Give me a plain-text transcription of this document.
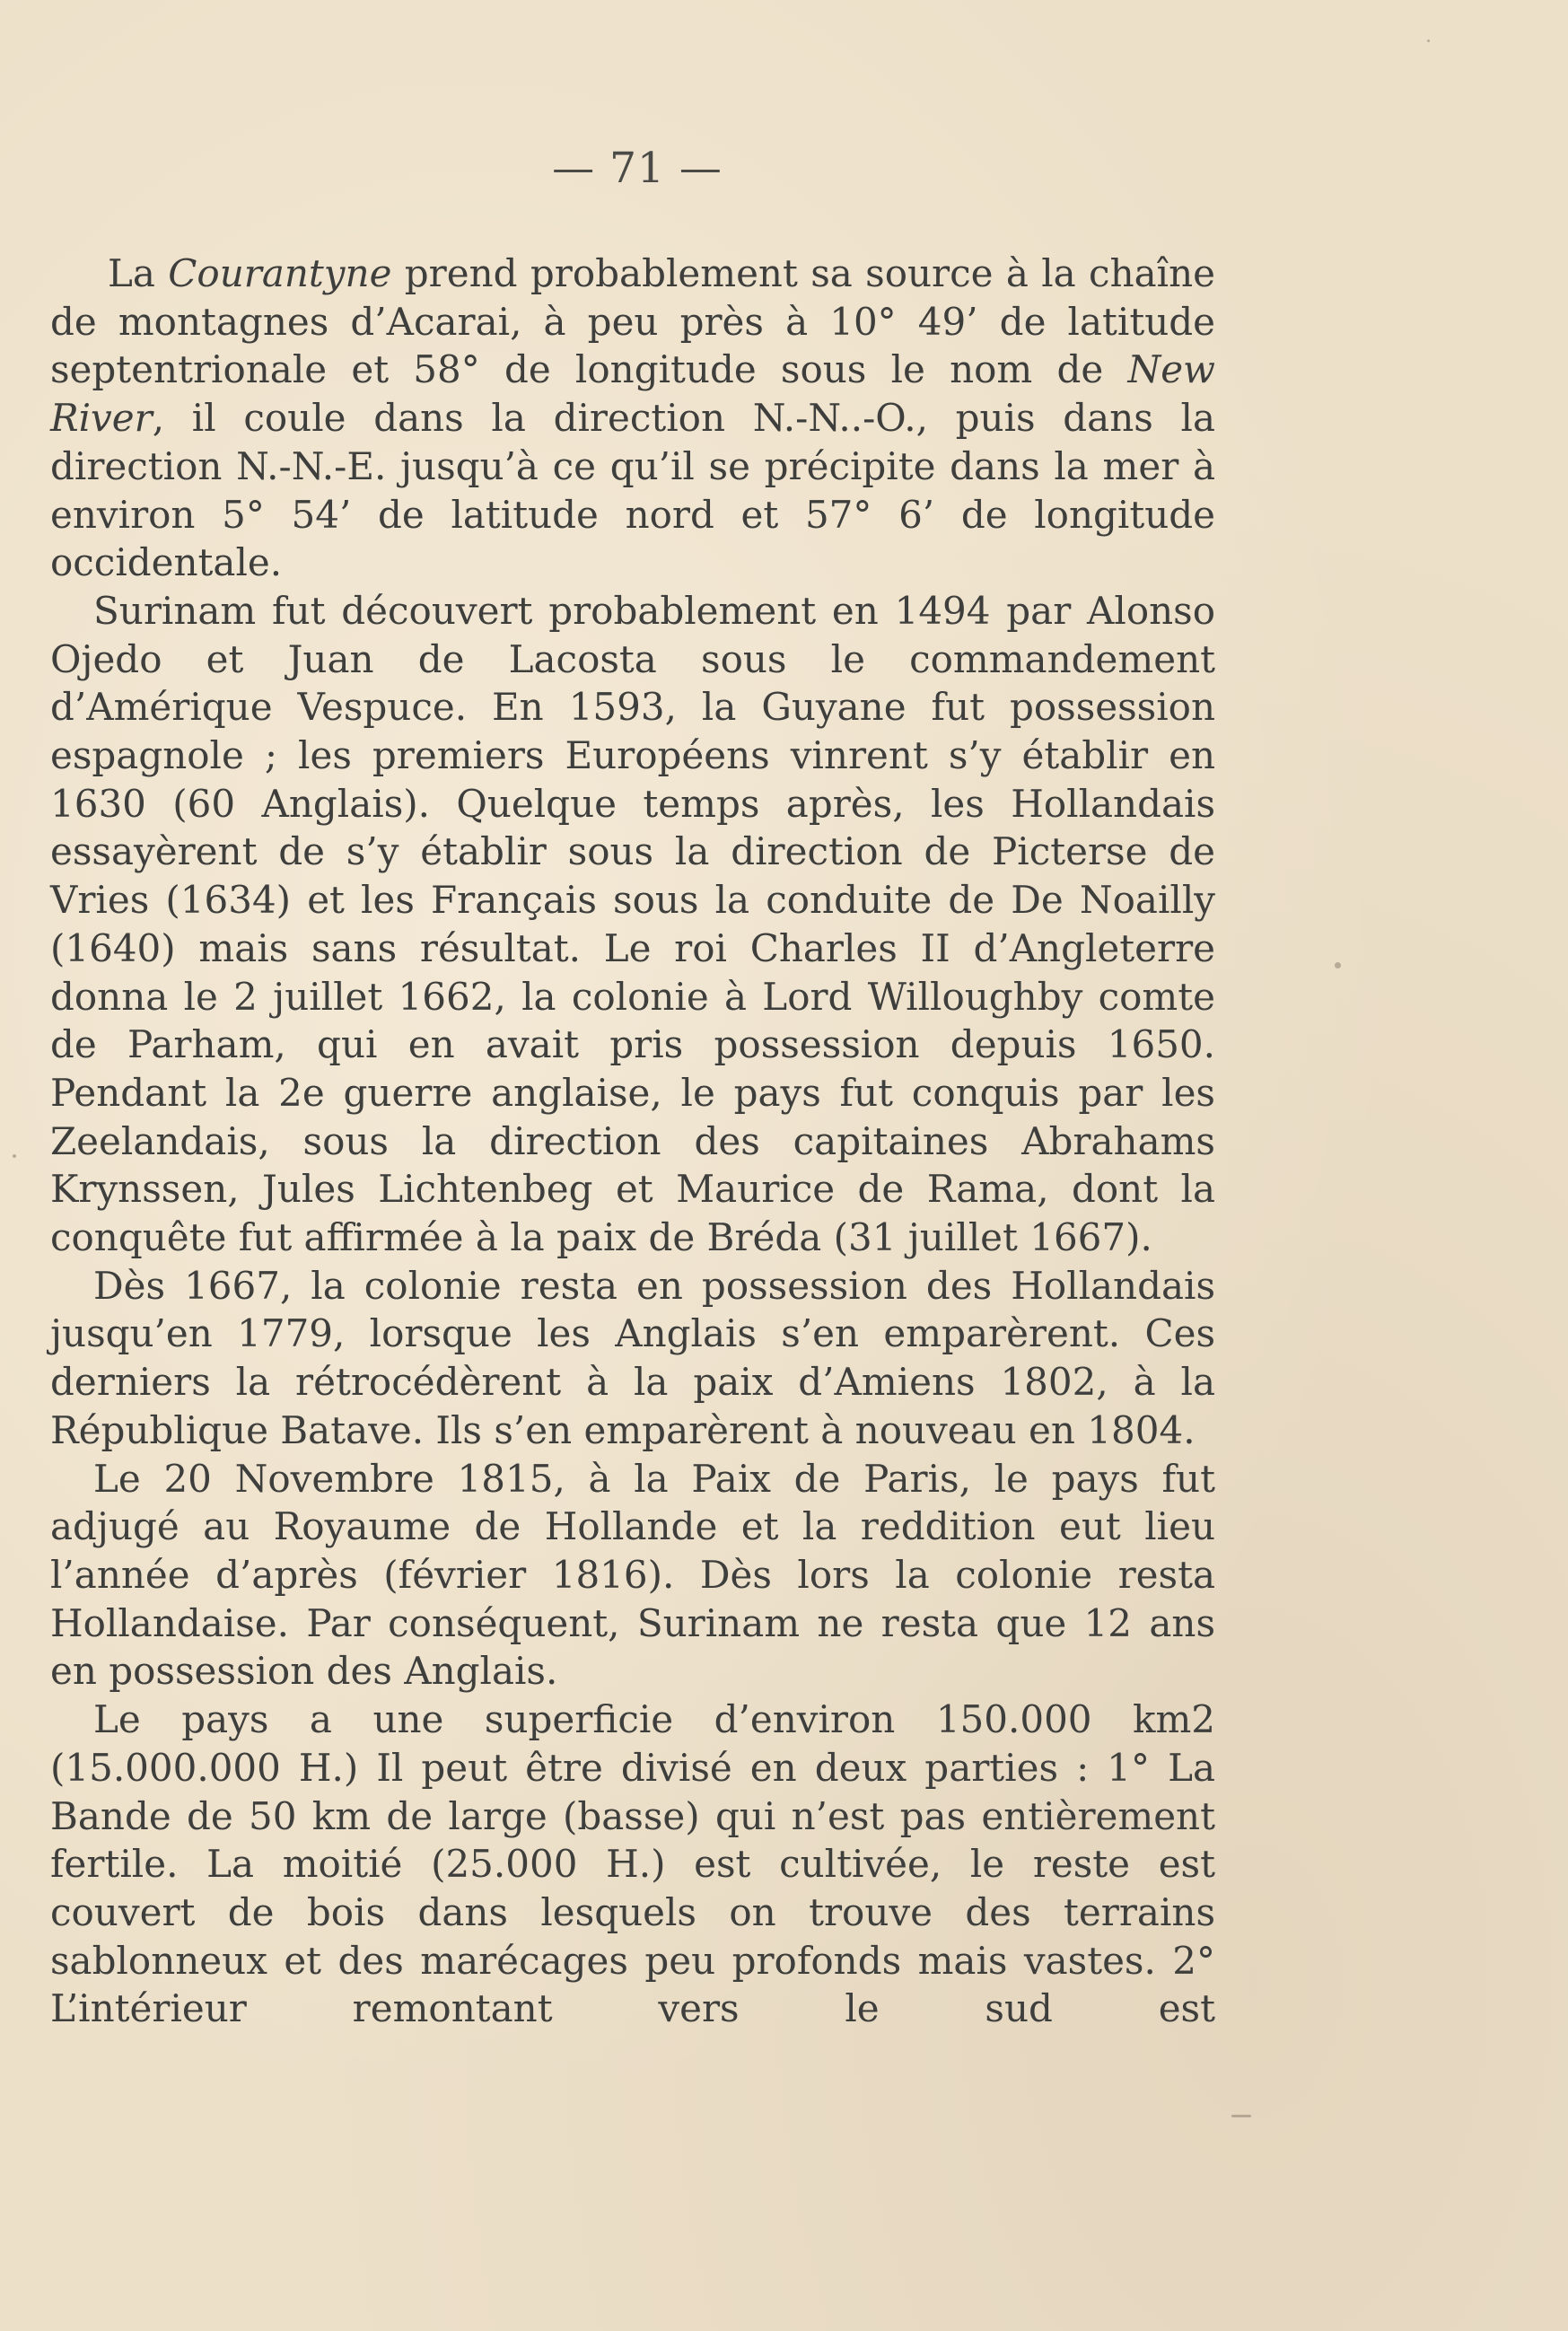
— 71 —

La Courantyne prend probablement sa source à la chaîne de montagnes d’Acarai, à peu près à 10° 49’ de latitude septentrionale et 58° de longitude sous le nom de New River, il coule dans la direction N.-N..-O., puis dans la direction N.-N.-E. jusqu’à ce qu’il se précipite dans la mer à environ 5° 54’ de latitude nord et 57° 6’ de longitude occidentale.

Surinam fut découvert probablement en 1494 par Alonso Ojedo et Juan de Lacosta sous le commandement d’Amérique Vespuce. En 1593, la Guyane fut possession espagnole ; les premiers Européens vinrent s’y établir en 1630 (60 Anglais). Quelque temps après, les Hollandais essayèrent de s’y établir sous la direction de Picterse de Vries (1634) et les Français sous la conduite de De Noailly (1640) mais sans résultat. Le roi Charles II d’Angleterre donna le 2 juillet 1662, la colonie à Lord Willoughby comte de Parham, qui en avait pris possession depuis 1650. Pendant la 2e guerre anglaise, le pays fut conquis par les Zeelandais, sous la direction des capitaines Abrahams Krynssen, Jules Lichtenbeg et Maurice de Rama, dont la conquête fut affirmée à la paix de Bréda (31 juillet 1667).

Dès 1667, la colonie resta en possession des Hollandais jusqu’en 1779, lorsque les Anglais s’en emparèrent. Ces derniers la rétrocédèrent à la paix d’Amiens 1802, à la République Batave. Ils s’en emparèrent à nouveau en 1804.

Le 20 Novembre 1815, à la Paix de Paris, le pays fut adjugé au Royaume de Hollande et la reddition eut lieu l’année d’après (février 1816). Dès lors la colonie resta Hollandaise. Par conséquent, Surinam ne resta que 12 ans en possession des Anglais.

Le pays a une superficie d’environ 150.000 km2 (15.000.000 H.) Il peut être divisé en deux parties : 1° La Bande de 50 km de large (basse) qui n’est pas entièrement fertile. La moitié (25.000 H.) est cultivée, le reste est couvert de bois dans lesquels on trouve des terrains sablonneux et des marécages peu profonds mais vastes. 2° L’intérieur remontant vers le sud est
